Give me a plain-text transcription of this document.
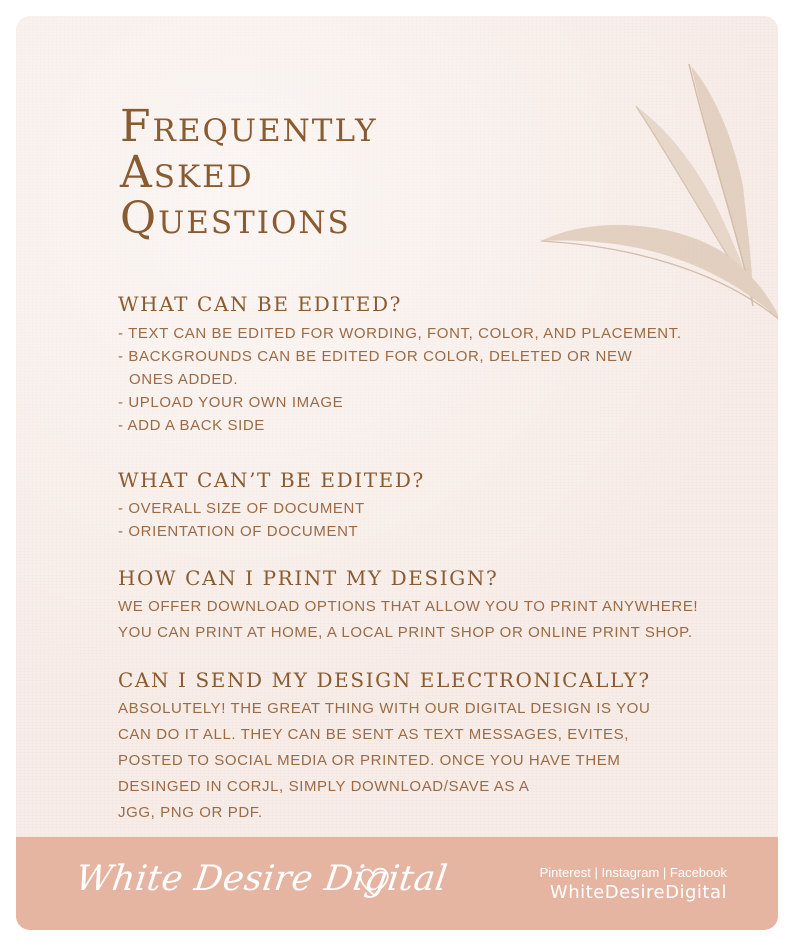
Frequently
Asked
Questions
WHAT CAN BE EDITED?
- TEXT CAN BE EDITED FOR WORDING, FONT, COLOR, AND PLACEMENT.
- BACKGROUNDS CAN BE EDITED FOR COLOR, DELETED OR NEW
ONES ADDED.
- UPLOAD YOUR OWN IMAGE
- ADD A BACK SIDE
WHAT CAN’T BE EDITED?
- OVERALL SIZE OF DOCUMENT
- ORIENTATION OF DOCUMENT
HOW CAN I PRINT MY DESIGN?
WE OFFER DOWNLOAD OPTIONS THAT ALLOW YOU TO PRINT ANYWHERE!
YOU CAN PRINT AT HOME, A LOCAL PRINT SHOP OR ONLINE PRINT SHOP.
CAN I SEND MY DESIGN ELECTRONICALLY?
ABSOLUTELY! THE GREAT THING WITH OUR DIGITAL DESIGN IS YOU
CAN DO IT ALL. THEY CAN BE SENT AS TEXT MESSAGES, EVITES,
POSTED TO SOCIAL MEDIA OR PRINTED. ONCE YOU HAVE THEM
DESINGED IN CORJL, SIMPLY DOWNLOAD/SAVE AS A
JGG, PNG OR PDF.
White Desire Digital	Pinterest | Instagram | Facebook
WhiteDesireDigital
